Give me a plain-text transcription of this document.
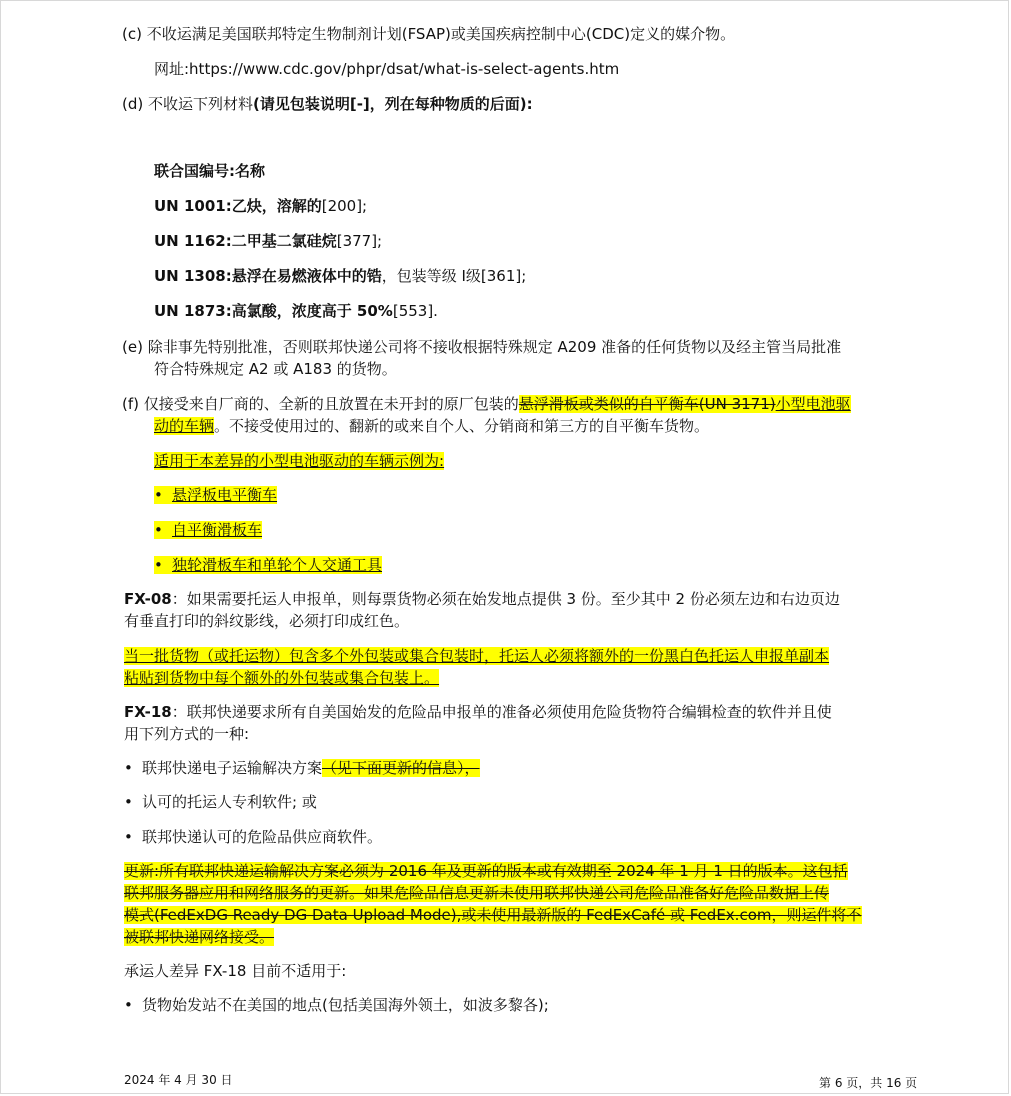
(c) 不收运满足美国联邦特定生物制剂计划(FSAP)或美国疾病控制中心(CDC)定义的媒介物。
网址:https://www.cdc.gov/phpr/dsat/what-is-select-agents.htm
(d) 不收运下列材料(请见包装说明[-]，列在每种物质的后面):
联合国编号:名称
UN 1001:乙炔，溶解的[200];
UN 1162:二甲基二氯硅烷[377];
UN 1308:悬浮在易燃液体中的锆，包装等级 Ⅰ级[361];
UN 1873:高氯酸，浓度高于 50%[553].
(e) 除非事先特别批准，否则联邦快递公司将不接收根据特殊规定 A209 准备的任何货物以及经主管当局批准
符合特殊规定 A2 或 A183 的货物。
(f) 仅接受来自厂商的、全新的且放置在未开封的原厂包装的悬浮滑板或类似的自平衡车(UN 3171)小型电池驱
动的车辆。不接受使用过的、翻新的或来自个人、分销商和第三方的自平衡车货物。
适用于本差异的小型电池驱动的车辆示例为:
• 悬浮板电平衡车
• 自平衡滑板车
• 独轮滑板车和单轮个人交通工具
FX-08：如果需要托运人申报单，则每票货物必须在始发地点提供 3 份。至少其中 2 份必须左边和右边页边
有垂直打印的斜纹影线，必须打印成红色。
当一批货物（或托运物）包含多个外包装或集合包装时，托运人必须将额外的一份黑白色托运人申报单副本
粘贴到货物中每个额外的外包装或集合包装上。
FX-18：联邦快递要求所有自美国始发的危险品申报单的准备必须使用危险货物符合编辑检查的软件并且使
用下列方式的一种:
• 联邦快递电子运输解决方案（见下面更新的信息），
• 认可的托运人专利软件; 或
• 联邦快递认可的危险品供应商软件。
更新:所有联邦快递运输解决方案必须为 2016 年及更新的版本或有效期至 2024 年 1 月 1 日的版本。这包括
联邦服务器应用和网络服务的更新。如果危险品信息更新未使用联邦快递公司危险品准备好危险品数据上传
模式(FedExDG Ready DG Data Upload Mode),或未使用最新版的 FedExCafé 或 FedEx.com，则运件将不
被联邦快递网络接受。
承运人差异 FX-18 目前不适用于:
• 货物始发站不在美国的地点(包括美国海外领土，如波多黎各);
2024 年 4 月 30 日	第 6 页，共 16 页
